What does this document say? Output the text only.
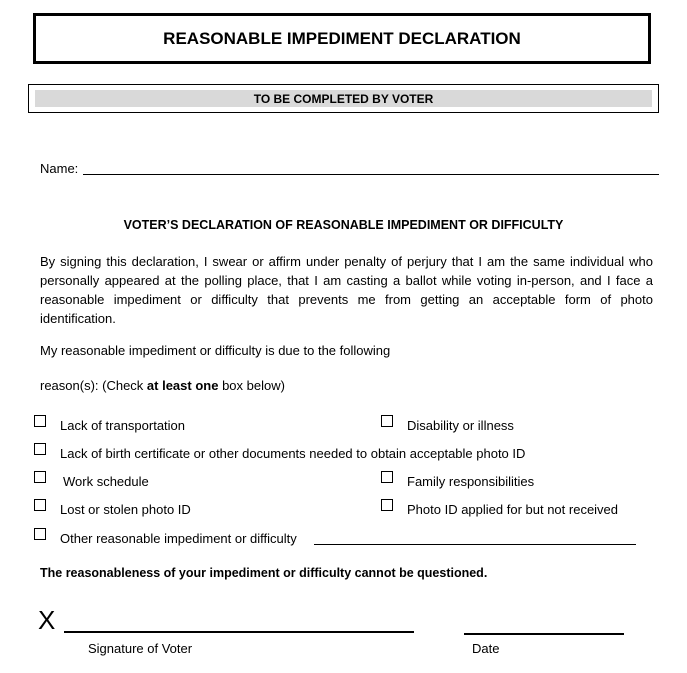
REASONABLE IMPEDIMENT DECLARATION
TO BE COMPLETED BY VOTER
Name:
VOTER’S DECLARATION OF REASONABLE IMPEDIMENT OR DIFFICULTY
By signing this declaration, I swear or affirm under penalty of perjury that I am the same individual who personally appeared at the polling place, that I am casting a ballot while voting in-person, and I face a reasonable impediment or difficulty that prevents me from getting an acceptable form of photo identification.
My reasonable impediment or difficulty is due to the following
reason(s): (Check at least one box below)
Lack of transportation	Disability or illness
Lack of birth certificate or other documents needed to obtain acceptable photo ID
Work schedule	Family responsibilities
Lost or stolen photo ID	Photo ID applied for but not received
Other reasonable impediment or difficulty
The reasonableness of your impediment or difficulty cannot be questioned.
X
Signature of Voter	Date
